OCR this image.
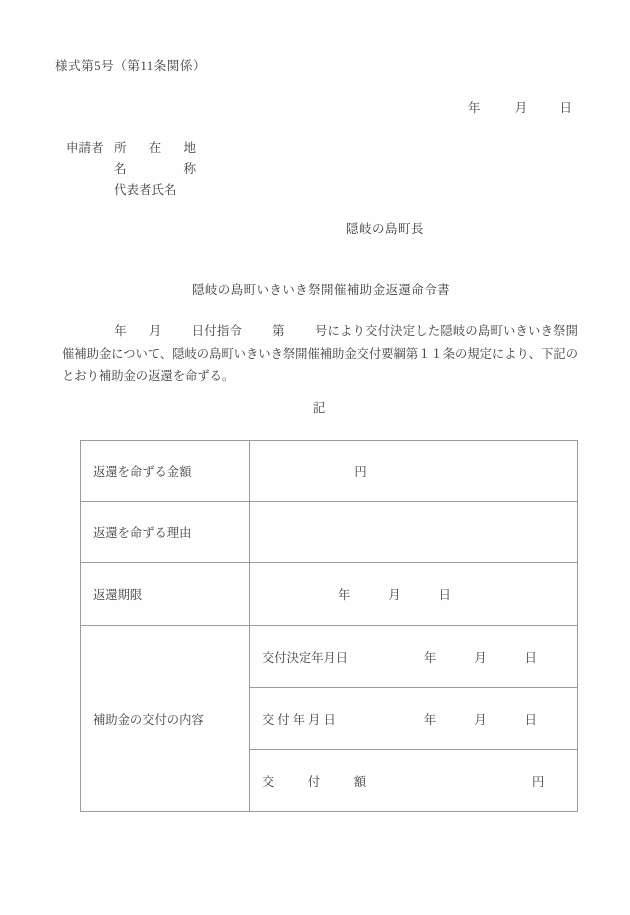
様式第5号（第11条関係）
年	月	日
申請者 所 在 地
名 称
代表者氏名
隠岐の島町長
隠岐の島町いきいき祭開催補助金返還命令書
年 月 日付指令 第 号により交付決定した隠岐の島町いきいき祭開催補助金について、隠岐の島町いきいき祭開催補助金交付要綱第１１条の規定により、下記のとおり補助金の返還を命ずる。
記
返還を命ずる金額	円
返還を命ずる理由	
返還期限	年 月 日
補助金の交付の内容	交付決定年月日 年 月 日
	交 付 年 月 日 年 月 日
	交 付 額 円
